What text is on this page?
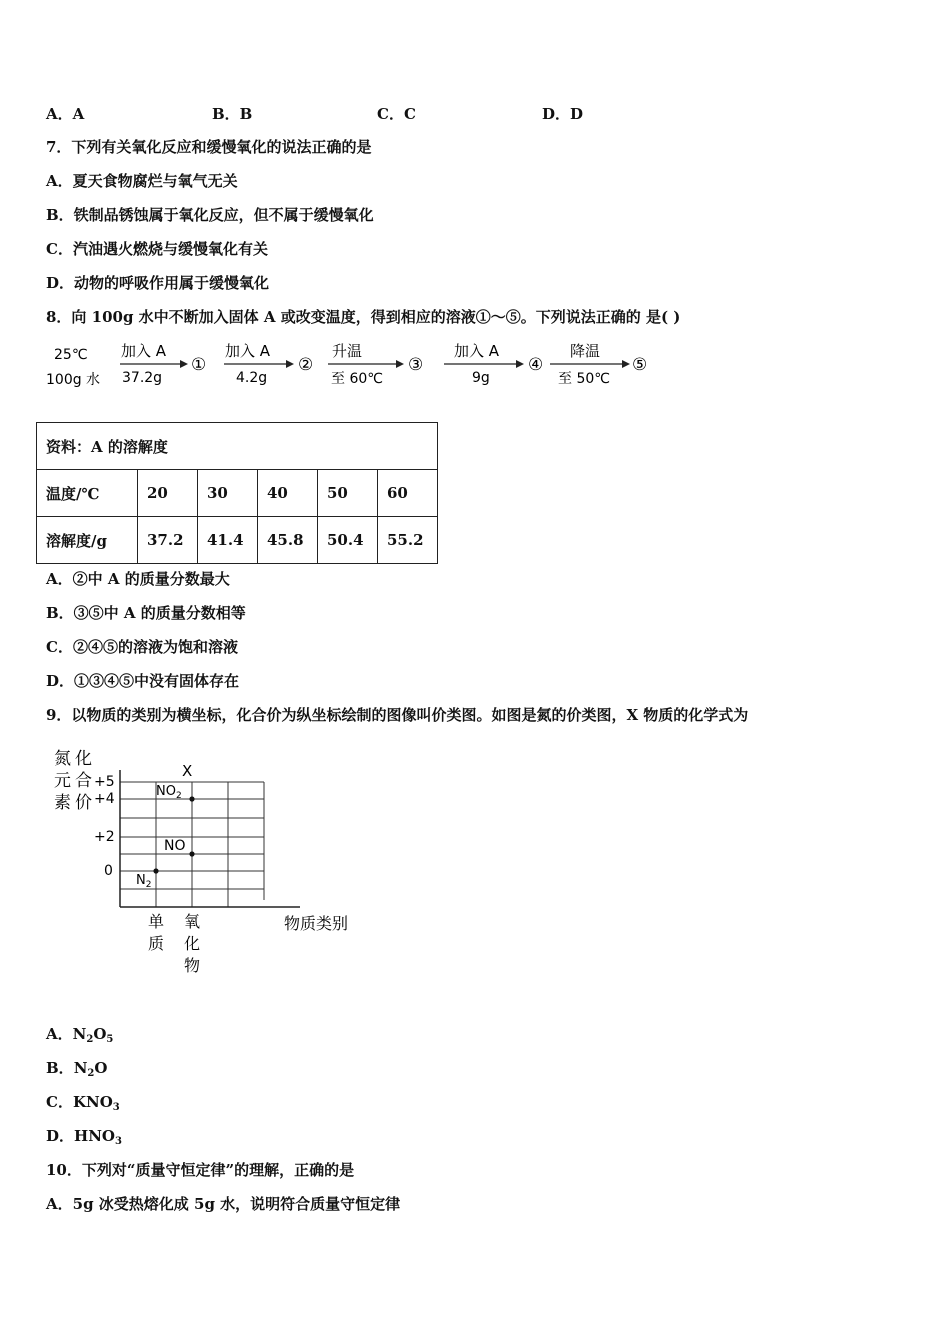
A．A	B．B	C．C	D．D
7．下列有关氧化反应和缓慢氧化的说法正确的是
A．夏天食物腐烂与氧气无关
B．铁制品锈蚀属于氧化反应，但不属于缓慢氧化
C．汽油遇火燃烧与缓慢氧化有关
D．动物的呼吸作用属于缓慢氧化
8．向 100g 水中不断加入固体 A 或改变温度，得到相应的溶液①～⑤。下列说法正确的 是( )
25℃
100g 水
加入 A
37.2g
①
加入 A
4.2g
②
升温
至 60℃
③
加入 A
9g
④
降温
至 50℃
⑤
资料：A 的溶解度					
温度/℃	20	30	40	50	60
溶解度/g	37.2	41.4	45.8	50.4	55.2
A．②中 A 的质量分数最大
B．③⑤中 A 的质量分数相等
C．②④⑤的溶液为饱和溶液
D．①③④⑤中没有固体存在
9．以物质的类别为横坐标，化合价为纵坐标绘制的图像叫价类图。如图是氮的价类图，X 物质的化学式为
氮 化
元 合
素 价
+5
+4
+2
0
X
$NO_2$
NO
$N_2$
单
质
氧
化
物
物质类别
A．$N_2O_5$
B．$N_2O$
C．$KNO_3$
D．$HNO_3$
10．下列对“质量守恒定律”的理解，正确的是
A．5g 冰受热熔化成 5g 水，说明符合质量守恒定律
